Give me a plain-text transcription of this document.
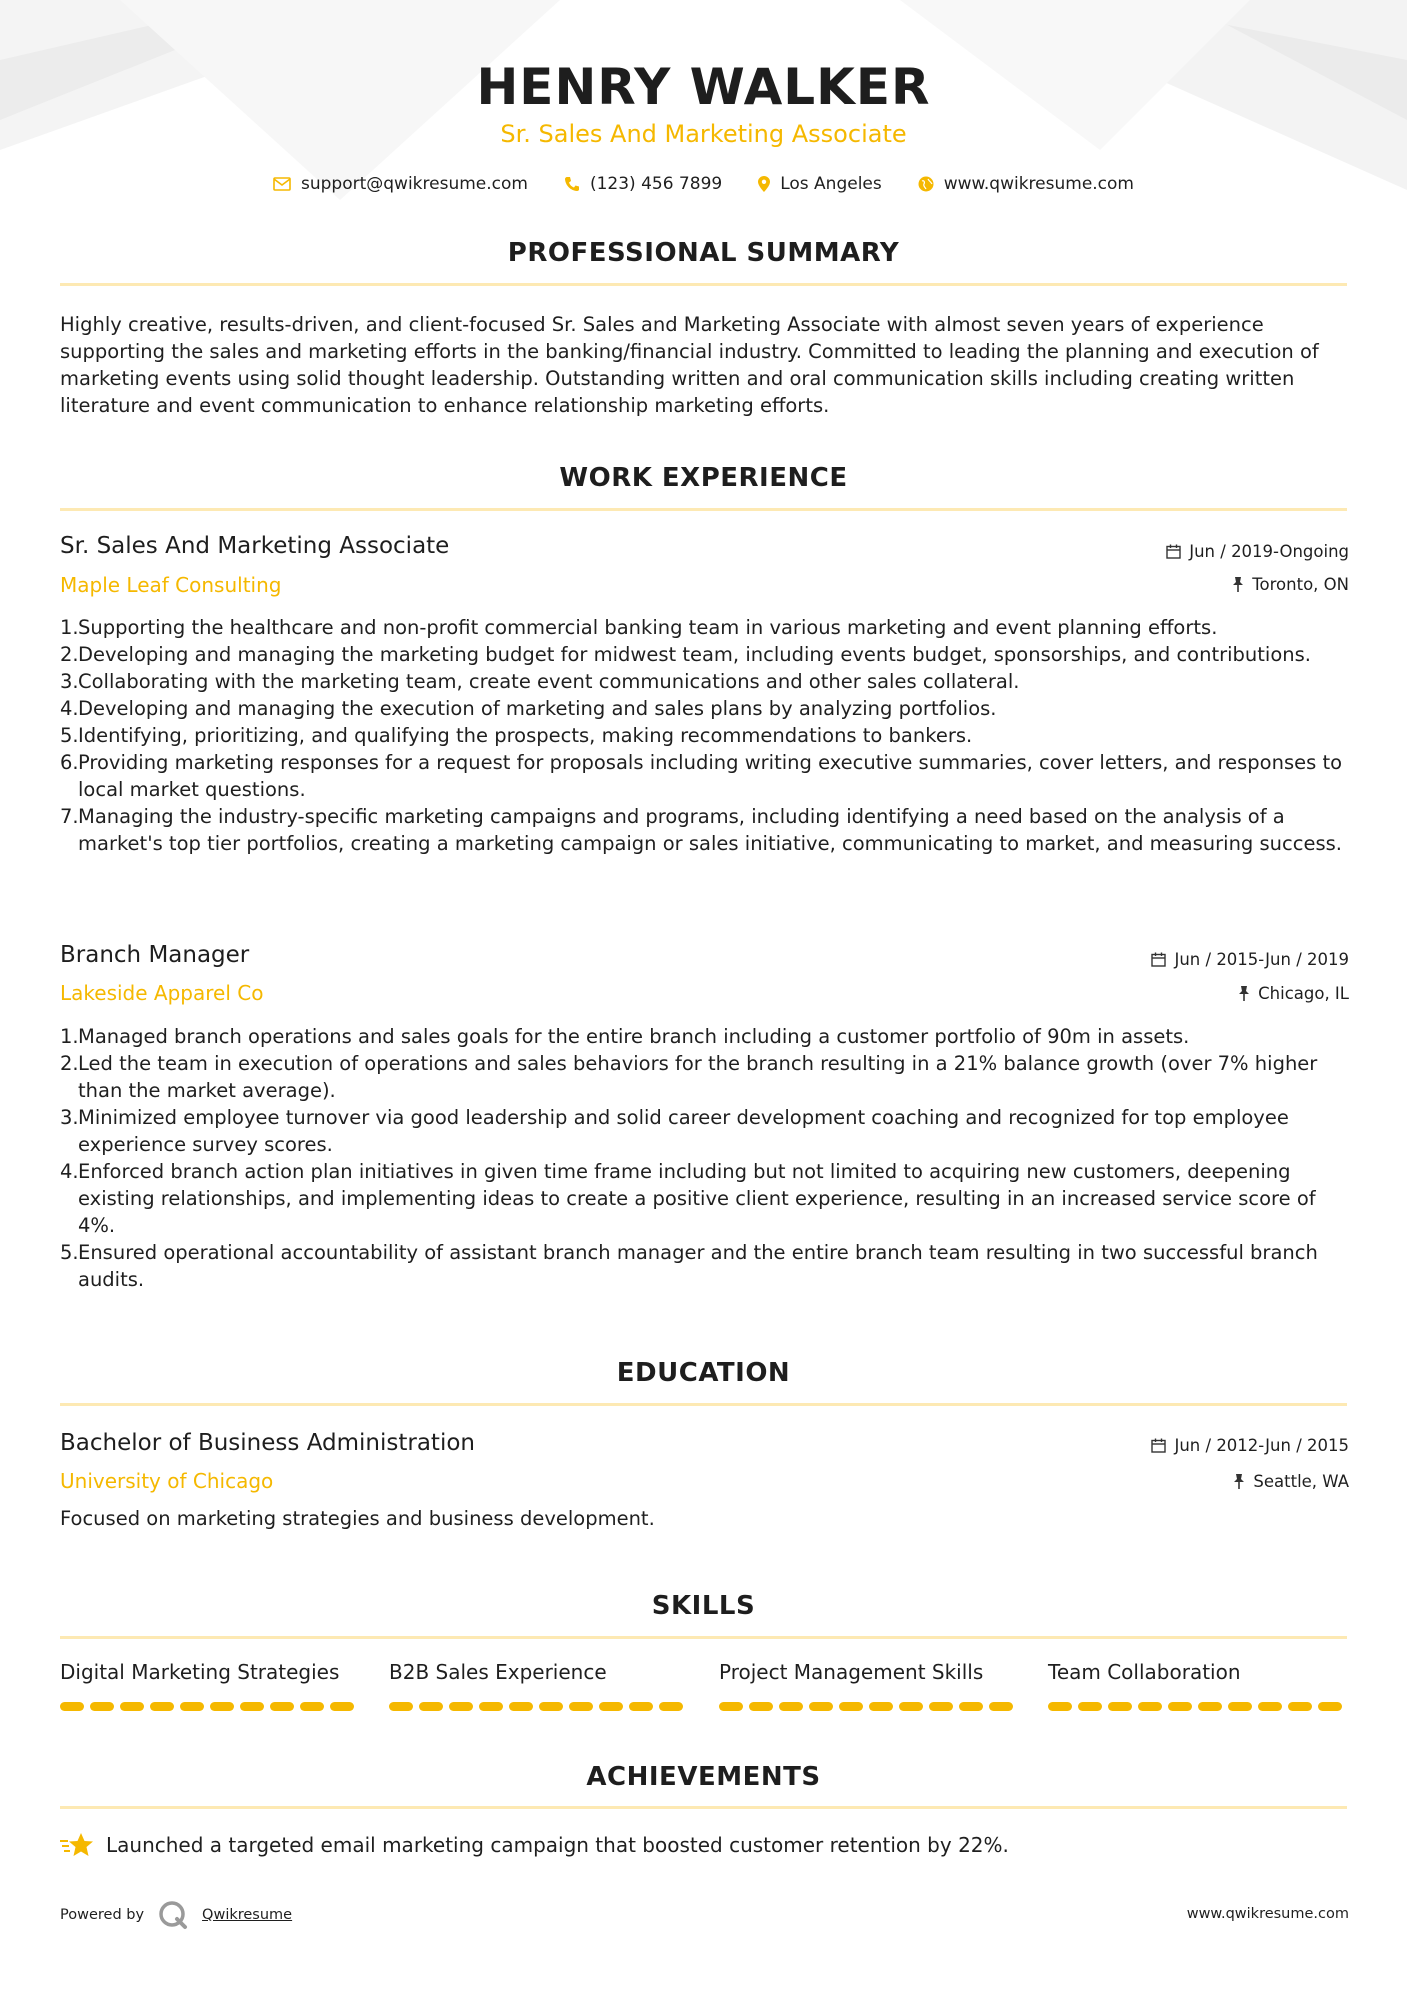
HENRY WALKER
Sr. Sales And Marketing Associate
support@qwikresume.com	(123) 456 7899	Los Angeles	www.qwikresume.com
PROFESSIONAL SUMMARY
Highly creative, results-driven, and client-focused Sr. Sales and Marketing Associate with almost seven years of experience supporting the sales and marketing efforts in the banking/financial industry. Committed to leading the planning and execution of marketing events using solid thought leadership. Outstanding written and oral communication skills including creating written literature and event communication to enhance relationship marketing efforts.
WORK EXPERIENCE
Sr. Sales And Marketing Associate	Jun / 2019-Ongoing
Maple Leaf Consulting	Toronto, ON
1. Supporting the healthcare and non-profit commercial banking team in various marketing and event planning efforts.
2. Developing and managing the marketing budget for midwest team, including events budget, sponsorships, and contributions.
3. Collaborating with the marketing team, create event communications and other sales collateral.
4. Developing and managing the execution of marketing and sales plans by analyzing portfolios.
5. Identifying, prioritizing, and qualifying the prospects, making recommendations to bankers.
6. Providing marketing responses for a request for proposals including writing executive summaries, cover letters, and responses to local market questions.
7. Managing the industry-specific marketing campaigns and programs, including identifying a need based on the analysis of a market's top tier portfolios, creating a marketing campaign or sales initiative, communicating to market, and measuring success.
Branch Manager	Jun / 2015-Jun / 2019
Lakeside Apparel Co	Chicago, IL
1. Managed branch operations and sales goals for the entire branch including a customer portfolio of 90m in assets.
2. Led the team in execution of operations and sales behaviors for the branch resulting in a 21% balance growth (over 7% higher than the market average).
3. Minimized employee turnover via good leadership and solid career development coaching and recognized for top employee experience survey scores.
4. Enforced branch action plan initiatives in given time frame including but not limited to acquiring new customers, deepening existing relationships, and implementing ideas to create a positive client experience, resulting in an increased service score of 4%.
5. Ensured operational accountability of assistant branch manager and the entire branch team resulting in two successful branch audits.
EDUCATION
Bachelor of Business Administration	Jun / 2012-Jun / 2015
University of Chicago	Seattle, WA
Focused on marketing strategies and business development.
SKILLS
Digital Marketing Strategies	B2B Sales Experience	Project Management Skills	Team Collaboration
ACHIEVEMENTS
Launched a targeted email marketing campaign that boosted customer retention by 22%.
Powered by	Qwikresume	www.qwikresume.com
